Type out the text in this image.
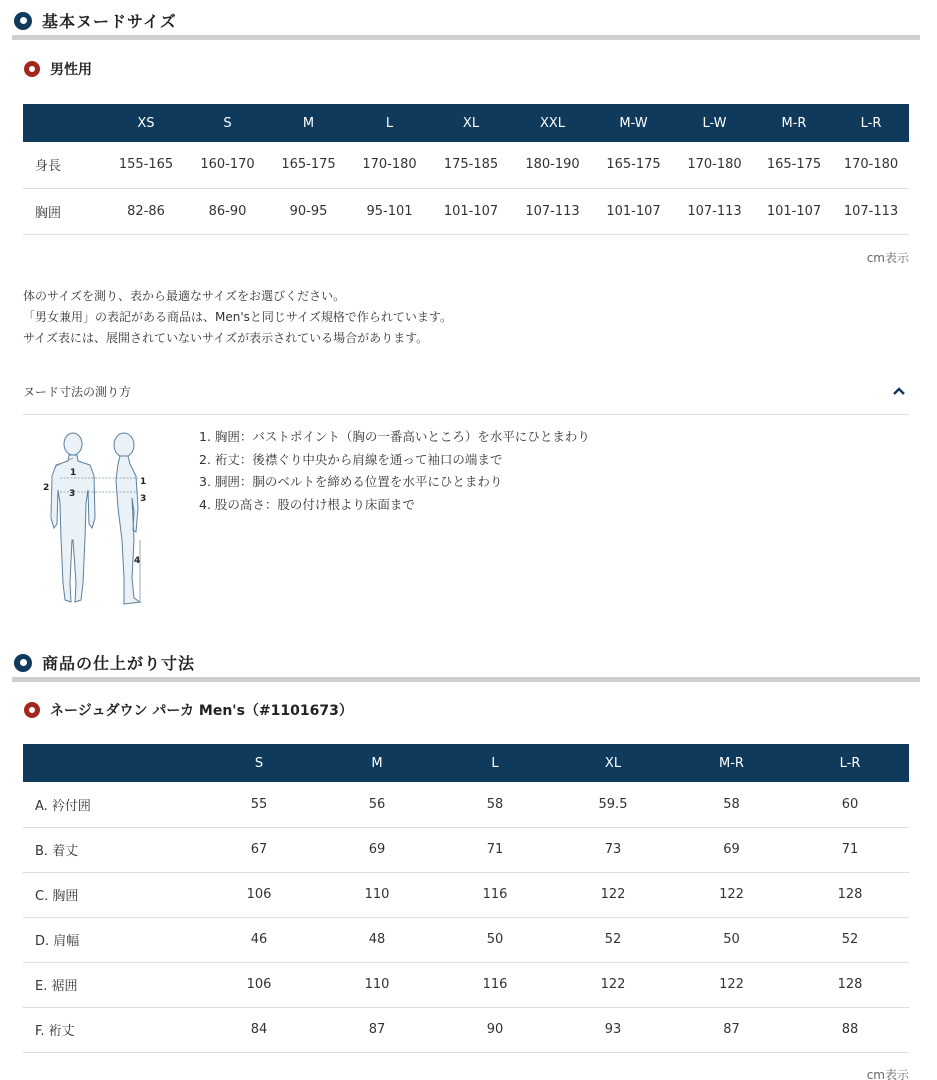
基本ヌードサイズ
男性用
	XS	S	M	L	XL	XXL	M-W	L-W	M-R	L-R
身長	155-165	160-170	165-175	170-180	175-185	180-190	165-175	170-180	165-175	170-180
胸囲	82-86	86-90	90-95	95-101	101-107	107-113	101-107	107-113	101-107	107-113
cm表示
体のサイズを測り、表から最適なサイズをお選びください。
「男女兼用」の表記がある商品は、Men'sと同じサイズ規格で作られています。
サイズ表には、展開されていないサイズが表示されている場合があります。
ヌード寸法の測り方
1
2
3
1
3
4
1. 胸囲：バストポイント（胸の一番高いところ）を水平にひとまわり
2. 裄丈：後襟ぐり中央から肩線を通って袖口の端まで
3. 胴囲：胴のベルトを締める位置を水平にひとまわり
4. 股の高さ：股の付け根より床面まで
商品の仕上がり寸法
ネージュダウン パーカ Men's（#1101673）
	S	M	L	XL	M-R	L-R
A. 衿付囲	55	56	58	59.5	58	60
B. 着丈	67	69	71	73	69	71
C. 胸囲	106	110	116	122	122	128
D. 肩幅	46	48	50	52	50	52
E. 裾囲	106	110	116	122	122	128
F. 裄丈	84	87	90	93	87	88
cm表示
